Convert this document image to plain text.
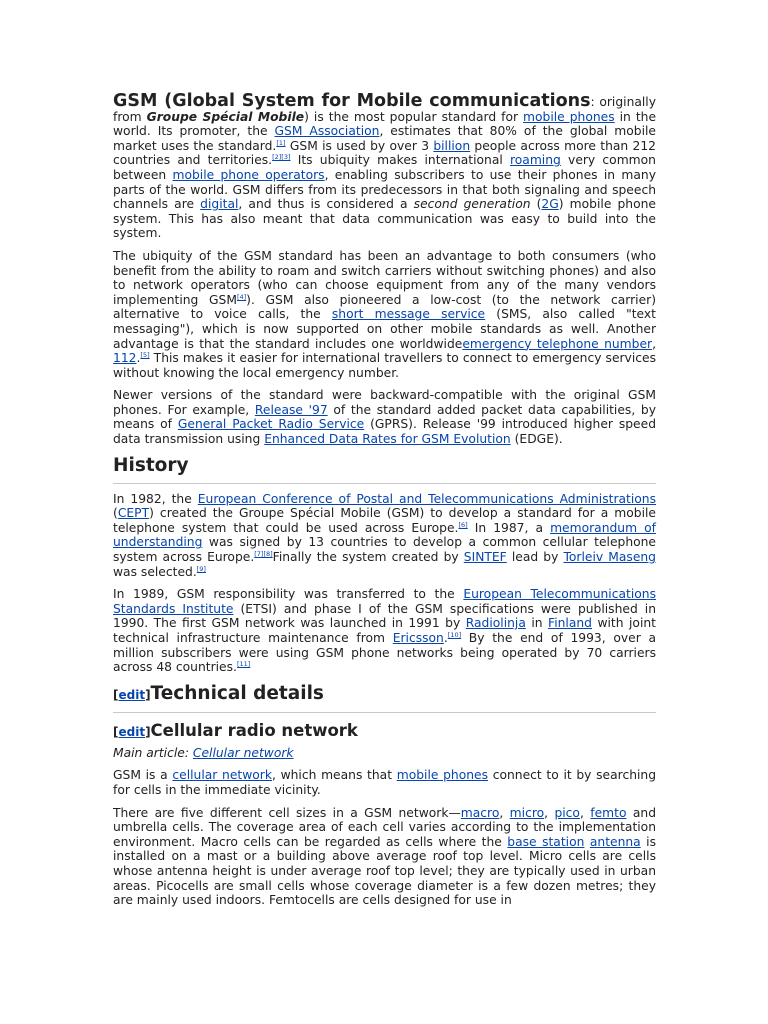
GSM (Global System for Mobile communications: originally from Groupe Spécial Mobile) is the most popular standard for mobile phones in the world. Its promoter, the GSM Association, estimates that 80% of the global mobile market uses the standard.[1] GSM is used by over 3 billion people across more than 212 countries and territories.[2][3] Its ubiquity makes international roaming very common between mobile phone operators, enabling subscribers to use their phones in many parts of the world. GSM differs from its predecessors in that both signaling and speech channels are digital, and thus is considered a second generation (2G) mobile phone system. This has also meant that data communication was easy to build into the system.

The ubiquity of the GSM standard has been an advantage to both consumers (who benefit from the ability to roam and switch carriers without switching phones) and also to network operators (who can choose equipment from any of the many vendors implementing GSM[4]). GSM also pioneered a low-cost (to the network carrier) alternative to voice calls, the short message service (SMS, also called "text messaging"), which is now supported on other mobile standards as well. Another advantage is that the standard includes one worldwideemergency telephone number, 112.[5] This makes it easier for international travellers to connect to emergency services without knowing the local emergency number.

Newer versions of the standard were backward-compatible with the original GSM phones. For example, Release '97 of the standard added packet data capabilities, by means of General Packet Radio Service (GPRS). Release '99 introduced higher speed data transmission using Enhanced Data Rates for GSM Evolution (EDGE).

History

In 1982, the European Conference of Postal and Telecommunications Administrations (CEPT) created the Groupe Spécial Mobile (GSM) to develop a standard for a mobile telephone system that could be used across Europe.[6] In 1987, a memorandum of understanding was signed by 13 countries to develop a common cellular telephone system across Europe.[7][8]Finally the system created by SINTEF lead by Torleiv Maseng was selected.[9]

In 1989, GSM responsibility was transferred to the European Telecommunications Standards Institute (ETSI) and phase I of the GSM specifications were published in 1990. The first GSM network was launched in 1991 by Radiolinja in Finland with joint technical infrastructure maintenance from Ericsson.[10] By the end of 1993, over a million subscribers were using GSM phone networks being operated by 70 carriers across 48 countries.[11]

[edit]Technical details
[edit]Cellular radio network
Main article: Cellular network

GSM is a cellular network, which means that mobile phones connect to it by searching for cells in the immediate vicinity.

There are five different cell sizes in a GSM network—macro, micro, pico, femto and umbrella cells. The coverage area of each cell varies according to the implementation environment. Macro cells can be regarded as cells where the base station antenna is installed on a mast or a building above average roof top level. Micro cells are cells whose antenna height is under average roof top level; they are typically used in urban areas. Picocells are small cells whose coverage diameter is a few dozen metres; they are mainly used indoors. Femtocells are cells designed for use in
